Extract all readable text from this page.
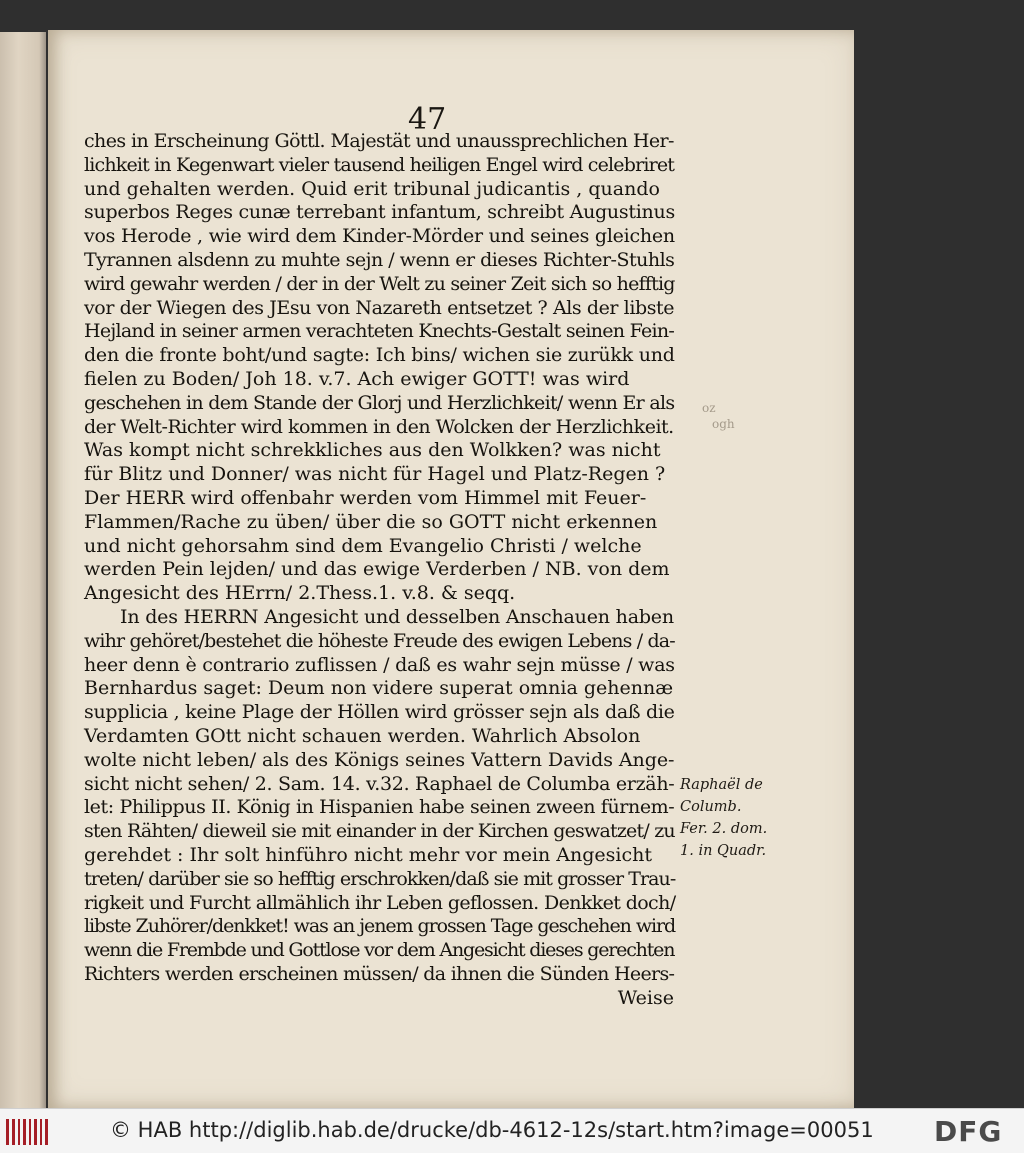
47
ches in Erscheinung Göttl. Majestät und unaussprechlichen Her-
lichkeit in Kegenwart vieler tausend heiligen Engel wird celebriret
und gehalten werden. Quid erit tribunal judicantis , quando
superbos Reges cunæ terrebant infantum, schreibt Augustinus
vos Herode , wie wird dem Kinder-Mörder und seines gleichen
Tyrannen alsdenn zu muhte sejn / wenn er dieses Richter-Stuhls
wird gewahr werden / der in der Welt zu seiner Zeit sich so hefftig
vor der Wiegen des JEsu von Nazareth entsetzet ? Als der libste
Hejland in seiner armen verachteten Knechts-Gestalt seinen Fein-
den die fronte boht/und sagte: Ich bins/ wichen sie zurükk und
fielen zu Boden/ Joh 18. v.7. Ach ewiger GOTT! was wird
geschehen in dem Stande der Glorj und Herzlichkeit/ wenn Er als
der Welt-Richter wird kommen in den Wolcken der Herzlichkeit.
Was kompt nicht schrekkliches aus den Wolkken? was nicht
für Blitz und Donner/ was nicht für Hagel und Platz-Regen ?
Der HERR wird offenbahr werden vom Himmel mit Feuer-
Flammen/Rache zu üben/ über die so GOTT nicht erkennen
und nicht gehorsahm sind dem Evangelio Christi / welche
werden Pein lejden/ und das ewige Verderben / NB. von dem
Angesicht des HErrn/ 2.Thess.1. v.8. & seqq.
In des HERRN Angesicht und desselben Anschauen haben
wihr gehöret/bestehet die höheste Freude des ewigen Lebens / da-
heer denn è contrario zuflissen / daß es wahr sejn müsse / was
Bernhardus saget: Deum non videre superat omnia gehennæ
supplicia , keine Plage der Höllen wird grösser sejn als daß die
Verdamten GOtt nicht schauen werden. Wahrlich Absolon
wolte nicht leben/ als des Königs seines Vattern Davids Ange-
sicht nicht sehen/ 2. Sam. 14. v.32. Raphael de Columba erzäh-
let: Philippus II. König in Hispanien habe seinen zween fürnem-
sten Rähten/ dieweil sie mit einander in der Kirchen geswatzet/ zu
gerehdet : Ihr solt hinführo nicht mehr vor mein Angesicht
treten/ darüber sie so hefftig erschrokken/daß sie mit grosser Trau-
rigkeit und Furcht allmählich ihr Leben geflossen. Denkket doch/
libste Zuhörer/denkket! was an jenem grossen Tage geschehen wird
wenn die Frembde und Gottlose vor dem Angesicht dieses gerechten
Richters werden erscheinen müssen/ da ihnen die Sünden Heers-
Weise
Raphaël de
Columb.
Fer. 2. dom.
1. in Quadr.
oz
ogh
© HAB http://diglib.hab.de/drucke/db-4612-12s/start.htm?image=00051 DFG
